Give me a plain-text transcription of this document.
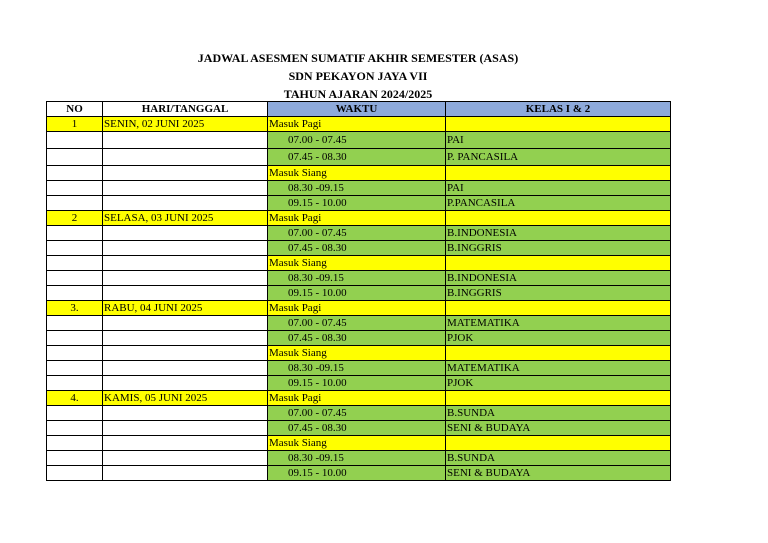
JADWAL ASESMEN SUMATIF AKHIR SEMESTER (ASAS)
SDN PEKAYON JAYA VII
TAHUN AJARAN 2024/2025
NO	HARI/TANGGAL	WAKTU	KELAS I & 2
1	SENIN, 02 JUNI 2025	Masuk Pagi	
		07.00 - 07.45	PAI
		07.45 - 08.30	P. PANCASILA
		Masuk Siang	
		08.30 -09.15	PAI
		09.15 - 10.00	P.PANCASILA
2	SELASA, 03 JUNI 2025	Masuk Pagi	
		07.00 - 07.45	B.INDONESIA
		07.45 - 08.30	B.INGGRIS
		Masuk Siang	
		08.30 -09.15	B.INDONESIA
		09.15 - 10.00	B.INGGRIS
3.	RABU, 04 JUNI 2025	Masuk Pagi	
		07.00 - 07.45	MATEMATIKA
		07.45 - 08.30	PJOK
		Masuk Siang	
		08.30 -09.15	MATEMATIKA
		09.15 - 10.00	PJOK
4.	KAMIS, 05 JUNI 2025	Masuk Pagi	
		07.00 - 07.45	B.SUNDA
		07.45 - 08.30	SENI & BUDAYA
		Masuk Siang	
		08.30 -09.15	B.SUNDA
		09.15 - 10.00	SENI & BUDAYA
